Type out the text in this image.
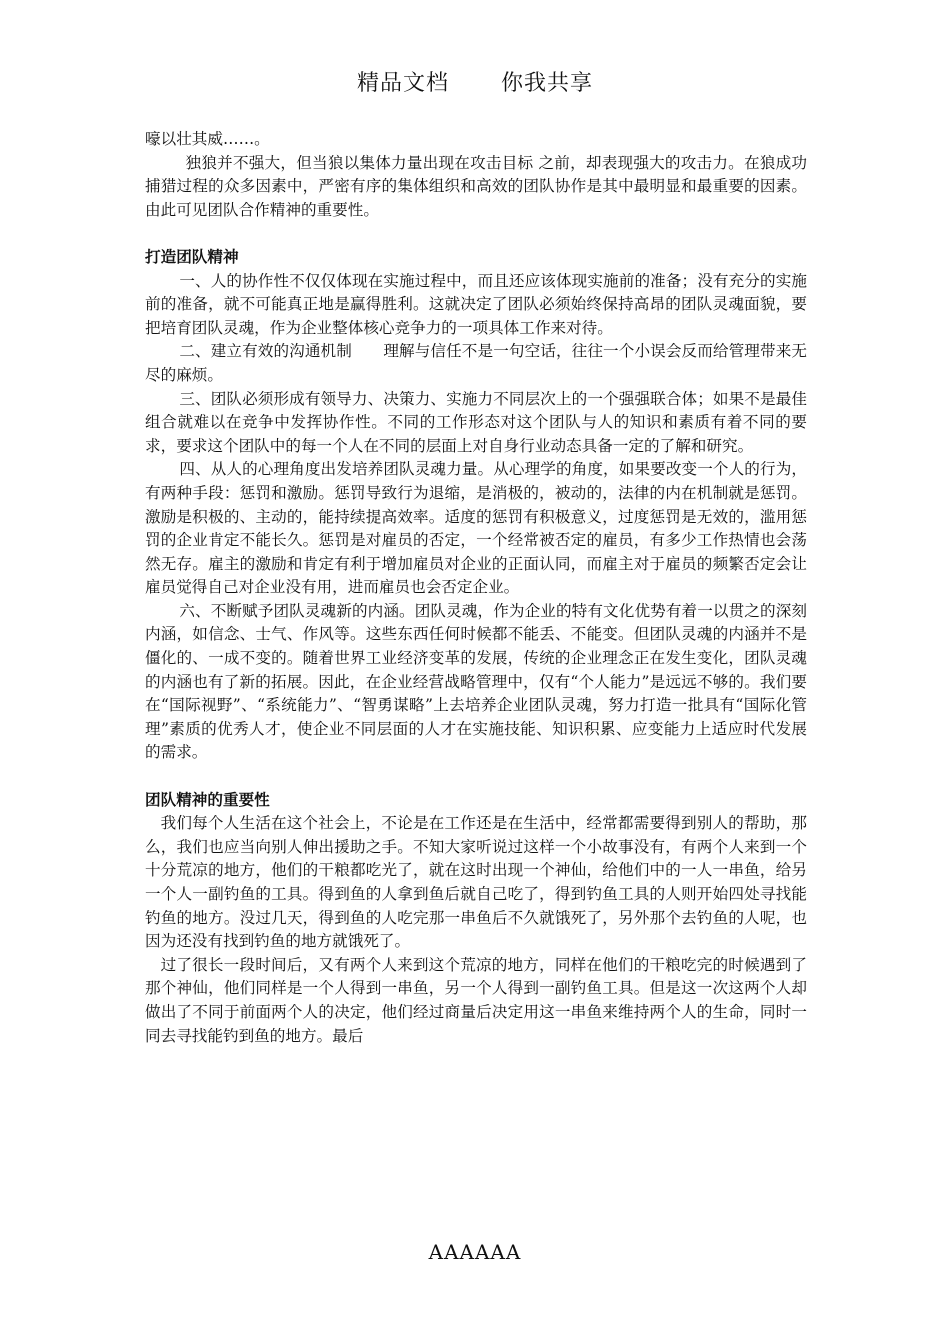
精品文档 你我共享

嚎以壮其威……。

独狼并不强大，但当狼以集体力量出现在攻击目标 之前，却表现强大的攻击力。在狼成功捕猎过程的众多因素中，严密有序的集体组织和高效的团队协作是其中最明显和最重要的因素。由此可见团队合作精神的重要性。

打造团队精神

一、人的协作性不仅仅体现在实施过程中，而且还应该体现实施前的准备；没有充分的实施前的准备，就不可能真正地是赢得胜利。这就决定了团队必须始终保持高昂的团队灵魂面貌，要把培育团队灵魂，作为企业整体核心竞争力的一项具体工作来对待。

二、建立有效的沟通机制　　理解与信任不是一句空话，往往一个小误会反而给管理带来无尽的麻烦。

三、团队必须形成有领导力、决策力、实施力不同层次上的一个强强联合体；如果不是最佳组合就难以在竞争中发挥协作性。不同的工作形态对这个团队与人的知识和素质有着不同的要求，要求这个团队中的每一个人在不同的层面上对自身行业动态具备一定的了解和研究。

四、从人的心理角度出发培养团队灵魂力量。从心理学的角度，如果要改变一个人的行为，有两种手段：惩罚和激励。惩罚导致行为退缩，是消极的，被动的，法律的内在机制就是惩罚。激励是积极的、主动的，能持续提高效率。适度的惩罚有积极意义，过度惩罚是无效的，滥用惩罚的企业肯定不能长久。惩罚是对雇员的否定，一个经常被否定的雇员，有多少工作热情也会荡然无存。雇主的激励和肯定有利于增加雇员对企业的正面认同，而雇主对于雇员的频繁否定会让雇员觉得自己对企业没有用，进而雇员也会否定企业。

六、不断赋予团队灵魂新的内涵。团队灵魂，作为企业的特有文化优势有着一以贯之的深刻内涵，如信念、士气、作风等。这些东西任何时候都不能丢、不能变。但团队灵魂的内涵并不是僵化的、一成不变的。随着世界工业经济变革的发展，传统的企业理念正在发生变化，团队灵魂的内涵也有了新的拓展。因此，在企业经营战略管理中，仅有“个人能力”是远远不够的。我们要在“国际视野”、“系统能力”、“智勇谋略”上去培养企业团队灵魂，努力打造一批具有“国际化管理”素质的优秀人才，使企业不同层面的人才在实施技能、知识积累、应变能力上适应时代发展的需求。

团队精神的重要性

我们每个人生活在这个社会上，不论是在工作还是在生活中，经常都需要得到别人的帮助，那么，我们也应当向别人伸出援助之手。不知大家听说过这样一个小故事没有，有两个人来到一个十分荒凉的地方，他们的干粮都吃光了，就在这时出现一个神仙，给他们中的一人一串鱼，给另一个人一副钓鱼的工具。得到鱼的人拿到鱼后就自己吃了，得到钓鱼工具的人则开始四处寻找能钓鱼的地方。没过几天，得到鱼的人吃完那一串鱼后不久就饿死了，另外那个去钓鱼的人呢，也因为还没有找到钓鱼的地方就饿死了。

过了很长一段时间后，又有两个人来到这个荒凉的地方，同样在他们的干粮吃完的时候遇到了那个神仙，他们同样是一个人得到一串鱼，另一个人得到一副钓鱼工具。但是这一次这两个人却做出了不同于前面两个人的决定，他们经过商量后决定用这一串鱼来维持两个人的生命，同时一同去寻找能钓到鱼的地方。最后

AAAAAA
